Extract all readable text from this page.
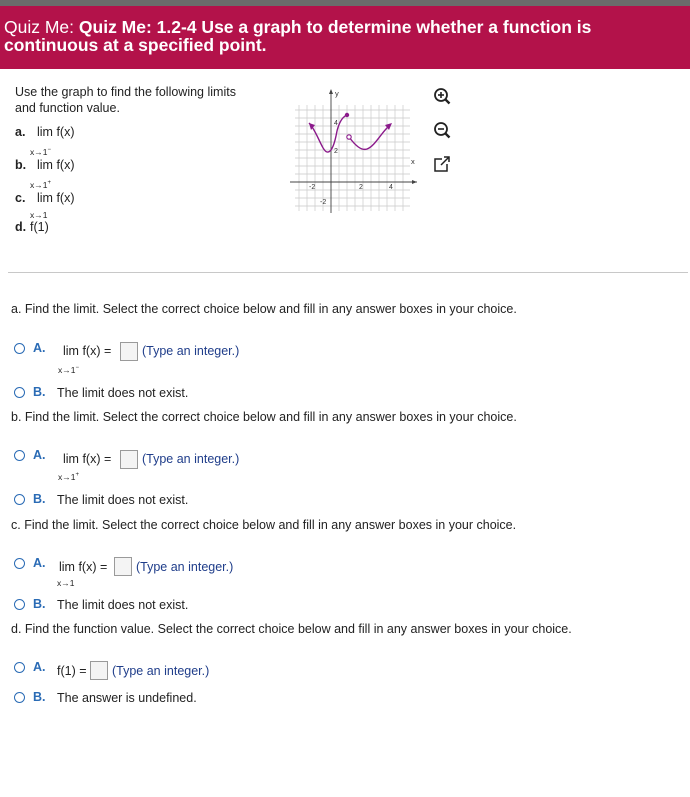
Quiz Me: Quiz Me: 1.2-4 Use a graph to determine whether a function is
continuous at a specified point.
Use the graph to find the following limits
and function value.
a. lim f(x)
x→1−
b. lim f(x)
x→1+
c. lim f(x)
x→1
d. f(1)
y
x
4
2
-2
-2	2	4
a. Find the limit. Select the correct choice below and fill in any answer boxes in your choice.
A. lim f(x) =
x→1−
(Type an integer.)
B. The limit does not exist.
b. Find the limit. Select the correct choice below and fill in any answer boxes in your choice.
A. lim f(x) =
x→1+
(Type an integer.)
B. The limit does not exist.
c. Find the limit. Select the correct choice below and fill in any answer boxes in your choice.
A. lim f(x) =
x→1
(Type an integer.)
B. The limit does not exist.
d. Find the function value. Select the correct choice below and fill in any answer boxes in your choice.
A. f(1) = (Type an integer.)
B. The answer is undefined.
